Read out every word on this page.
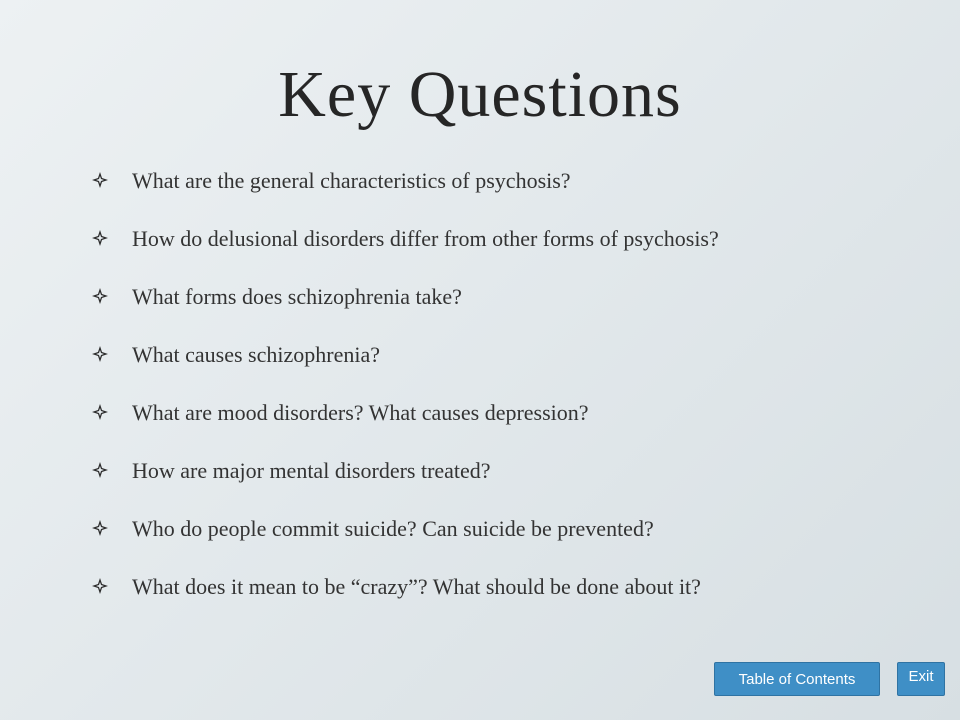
Key Questions
What are the general characteristics of psychosis?
How do delusional disorders differ from other forms of psychosis?
What forms does schizophrenia take?
What causes schizophrenia?
What are mood disorders? What causes depression?
How are major mental disorders treated?
Who do people commit suicide? Can suicide be prevented?
What does it mean to be “crazy”? What should be done about it?
Table of Contents	Exit
